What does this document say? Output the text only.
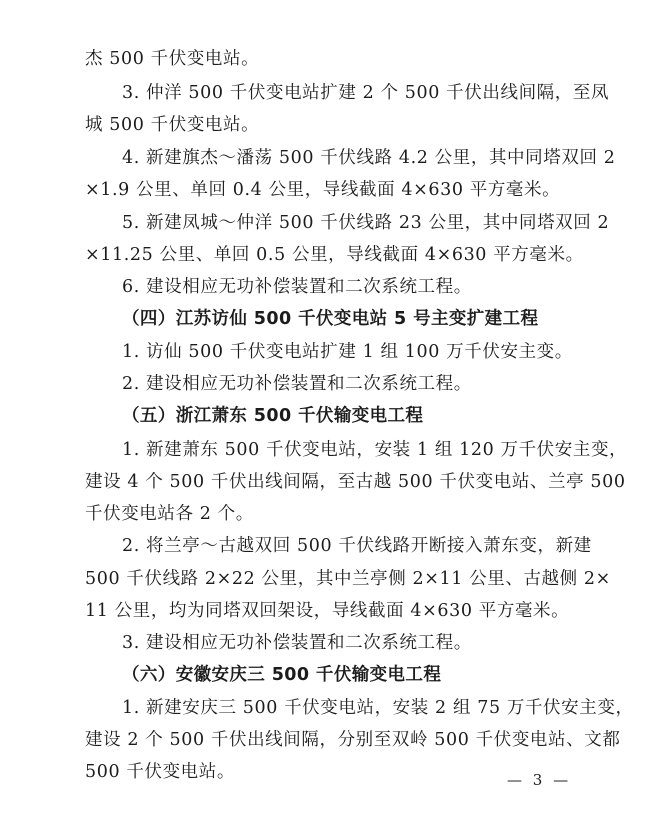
杰 500 千伏变电站。
3. 仲洋 500 千伏变电站扩建 2 个 500 千伏出线间隔，至凤
城 500 千伏变电站。
4. 新建旗杰～潘荡 500 千伏线路 4.2 公里，其中同塔双回 2
×1.9 公里、单回 0.4 公里，导线截面 4×630 平方毫米。
5. 新建凤城～仲洋 500 千伏线路 23 公里，其中同塔双回 2
×11.25 公里、单回 0.5 公里，导线截面 4×630 平方毫米。
6. 建设相应无功补偿装置和二次系统工程。
（四）江苏访仙 500 千伏变电站 5 号主变扩建工程
1. 访仙 500 千伏变电站扩建 1 组 100 万千伏安主变。
2. 建设相应无功补偿装置和二次系统工程。
（五）浙江萧东 500 千伏输变电工程
1. 新建萧东 500 千伏变电站，安装 1 组 120 万千伏安主变，
建设 4 个 500 千伏出线间隔，至古越 500 千伏变电站、兰亭 500
千伏变电站各 2 个。
2. 将兰亭～古越双回 500 千伏线路开断接入萧东变，新建
500 千伏线路 2×22 公里，其中兰亭侧 2×11 公里、古越侧 2×
11 公里，均为同塔双回架设，导线截面 4×630 平方毫米。
3. 建设相应无功补偿装置和二次系统工程。
（六）安徽安庆三 500 千伏输变电工程
1. 新建安庆三 500 千伏变电站，安装 2 组 75 万千伏安主变，
建设 2 个 500 千伏出线间隔，分别至双岭 500 千伏变电站、文都
500 千伏变电站。	— 3 —
